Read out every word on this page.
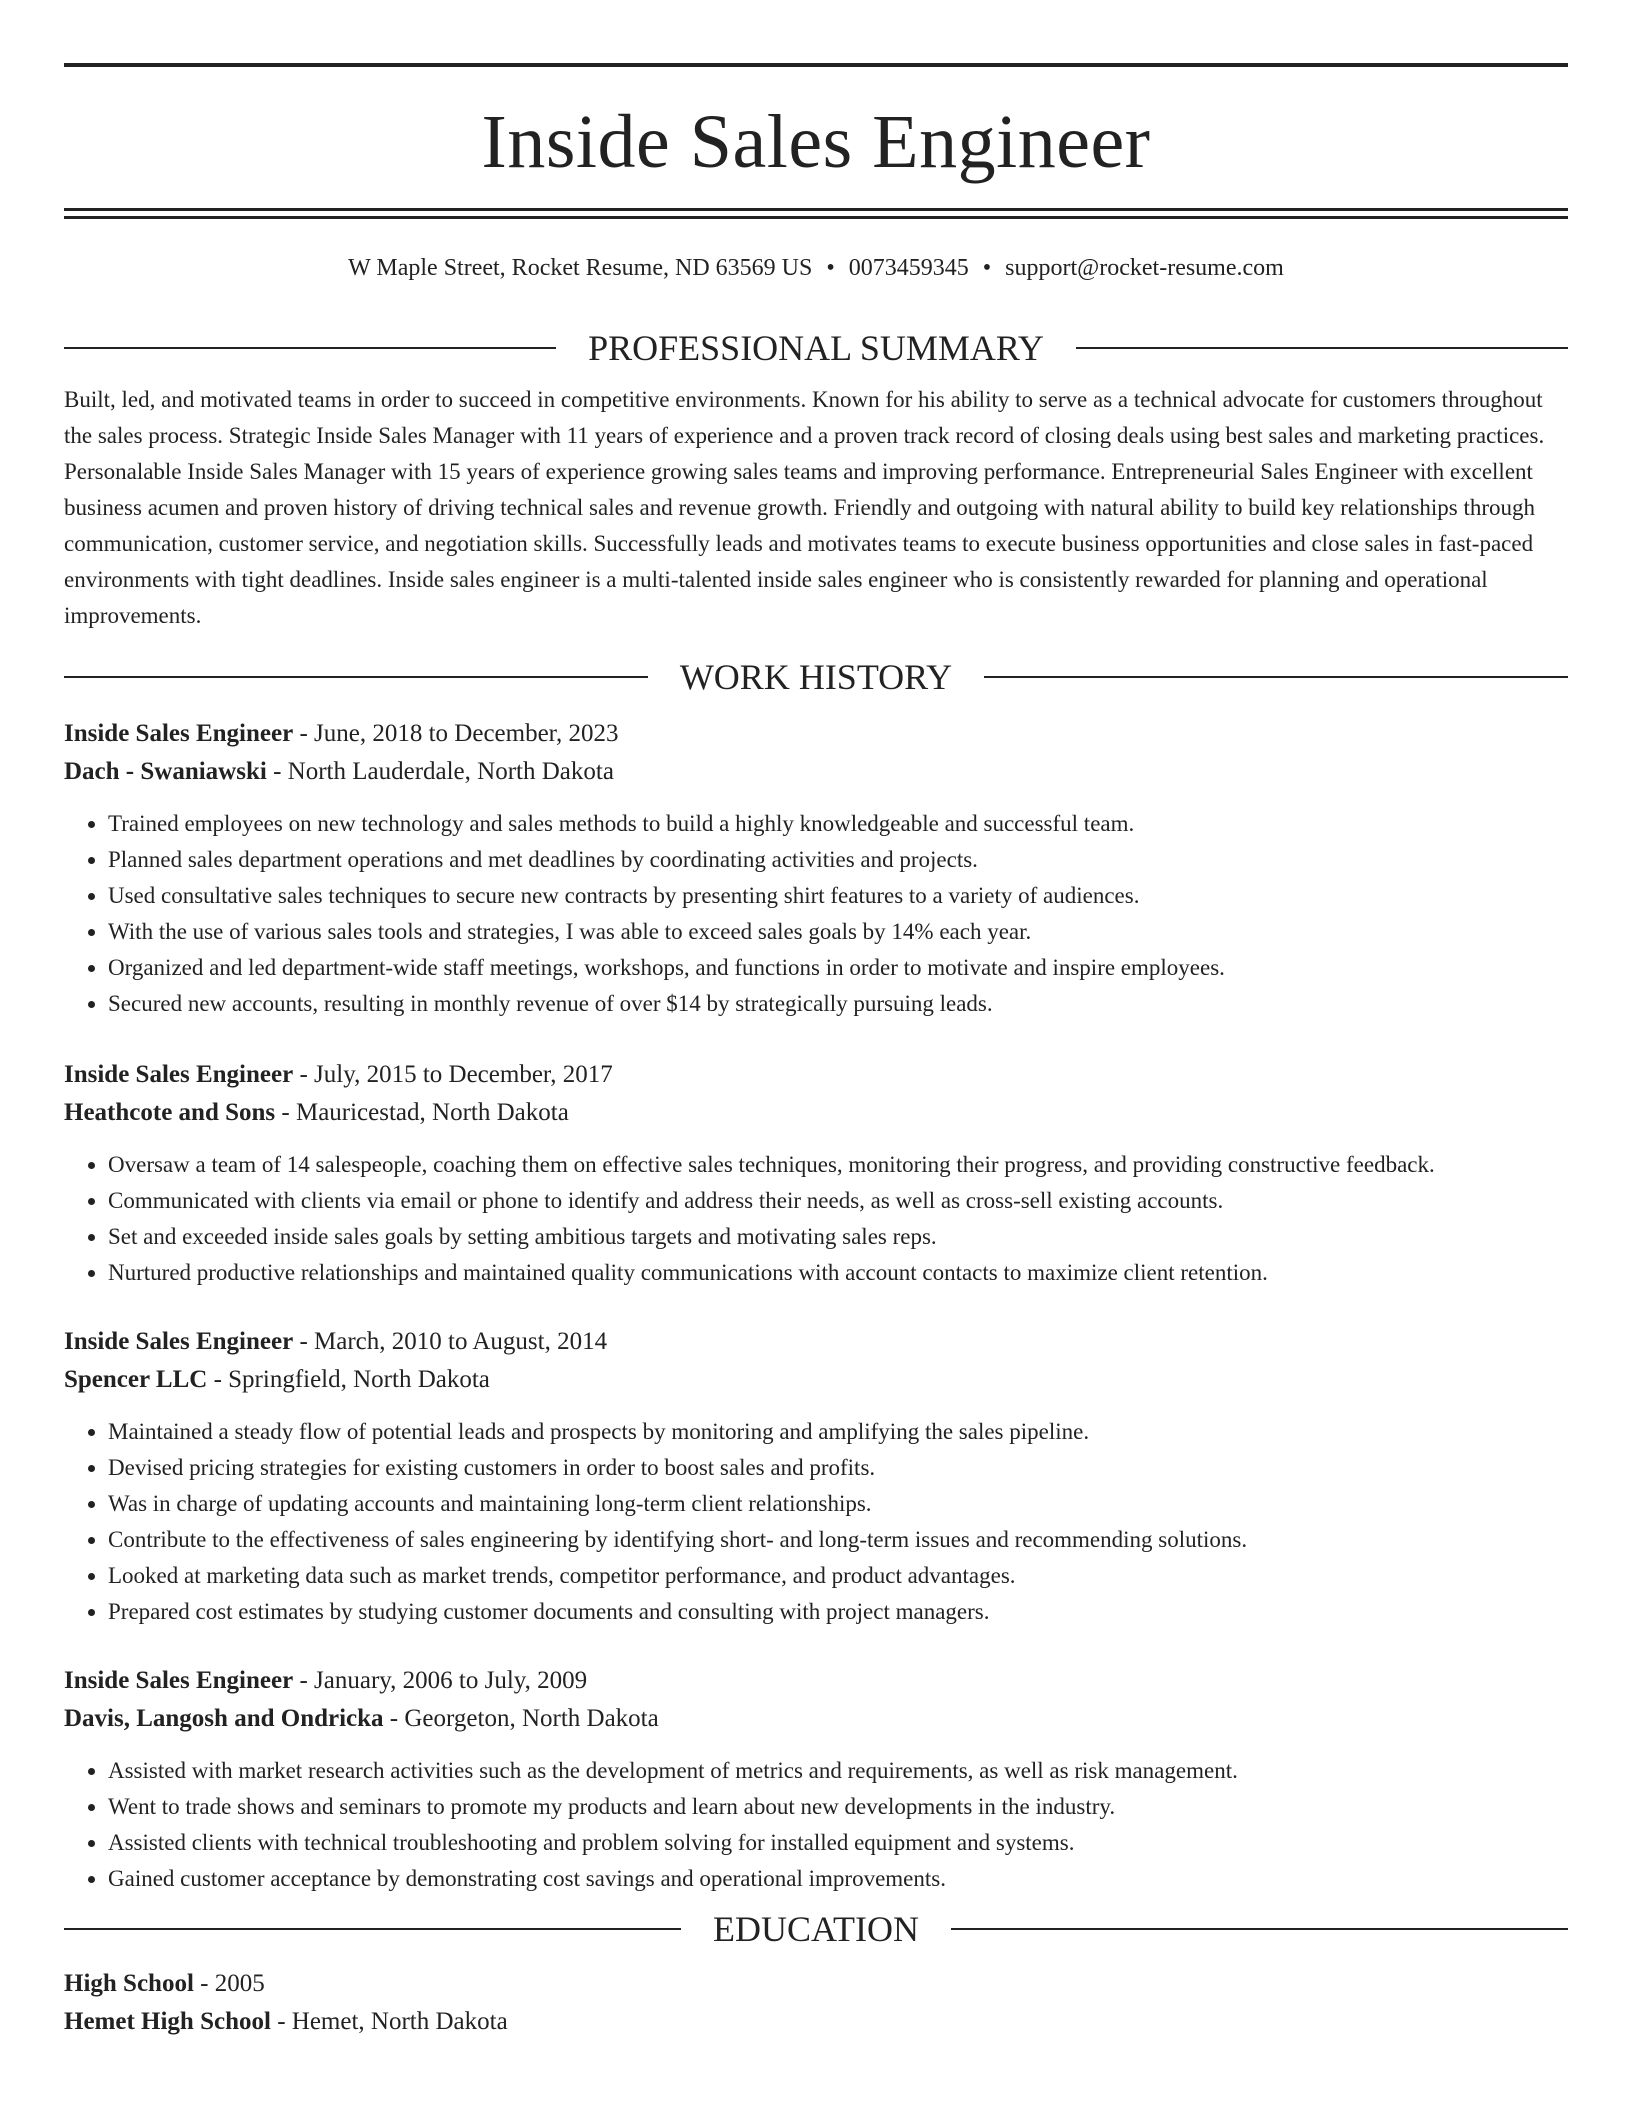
Inside Sales Engineer
W Maple Street, Rocket Resume, ND 63569 US • 0073459345 • support@rocket-resume.com
PROFESSIONAL SUMMARY
Built, led, and motivated teams in order to succeed in competitive environments. Known for his ability to serve as a technical advocate for customers throughout the sales process. Strategic Inside Sales Manager with 11 years of experience and a proven track record of closing deals using best sales and marketing practices. Personalable Inside Sales Manager with 15 years of experience growing sales teams and improving performance. Entrepreneurial Sales Engineer with excellent business acumen and proven history of driving technical sales and revenue growth. Friendly and outgoing with natural ability to build key relationships through communication, customer service, and negotiation skills. Successfully leads and motivates teams to execute business opportunities and close sales in fast-paced environments with tight deadlines. Inside sales engineer is a multi-talented inside sales engineer who is consistently rewarded for planning and operational improvements.
WORK HISTORY
Inside Sales Engineer - June, 2018 to December, 2023
Dach - Swaniawski - North Lauderdale, North Dakota
• Trained employees on new technology and sales methods to build a highly knowledgeable and successful team.
• Planned sales department operations and met deadlines by coordinating activities and projects.
• Used consultative sales techniques to secure new contracts by presenting shirt features to a variety of audiences.
• With the use of various sales tools and strategies, I was able to exceed sales goals by 14% each year.
• Organized and led department-wide staff meetings, workshops, and functions in order to motivate and inspire employees.
• Secured new accounts, resulting in monthly revenue of over $14 by strategically pursuing leads.
Inside Sales Engineer - July, 2015 to December, 2017
Heathcote and Sons - Mauricestad, North Dakota
• Oversaw a team of 14 salespeople, coaching them on effective sales techniques, monitoring their progress, and providing constructive feedback.
• Communicated with clients via email or phone to identify and address their needs, as well as cross-sell existing accounts.
• Set and exceeded inside sales goals by setting ambitious targets and motivating sales reps.
• Nurtured productive relationships and maintained quality communications with account contacts to maximize client retention.
Inside Sales Engineer - March, 2010 to August, 2014
Spencer LLC - Springfield, North Dakota
• Maintained a steady flow of potential leads and prospects by monitoring and amplifying the sales pipeline.
• Devised pricing strategies for existing customers in order to boost sales and profits.
• Was in charge of updating accounts and maintaining long-term client relationships.
• Contribute to the effectiveness of sales engineering by identifying short- and long-term issues and recommending solutions.
• Looked at marketing data such as market trends, competitor performance, and product advantages.
• Prepared cost estimates by studying customer documents and consulting with project managers.
Inside Sales Engineer - January, 2006 to July, 2009
Davis, Langosh and Ondricka - Georgeton, North Dakota
• Assisted with market research activities such as the development of metrics and requirements, as well as risk management.
• Went to trade shows and seminars to promote my products and learn about new developments in the industry.
• Assisted clients with technical troubleshooting and problem solving for installed equipment and systems.
• Gained customer acceptance by demonstrating cost savings and operational improvements.
EDUCATION
High School - 2005
Hemet High School - Hemet, North Dakota
